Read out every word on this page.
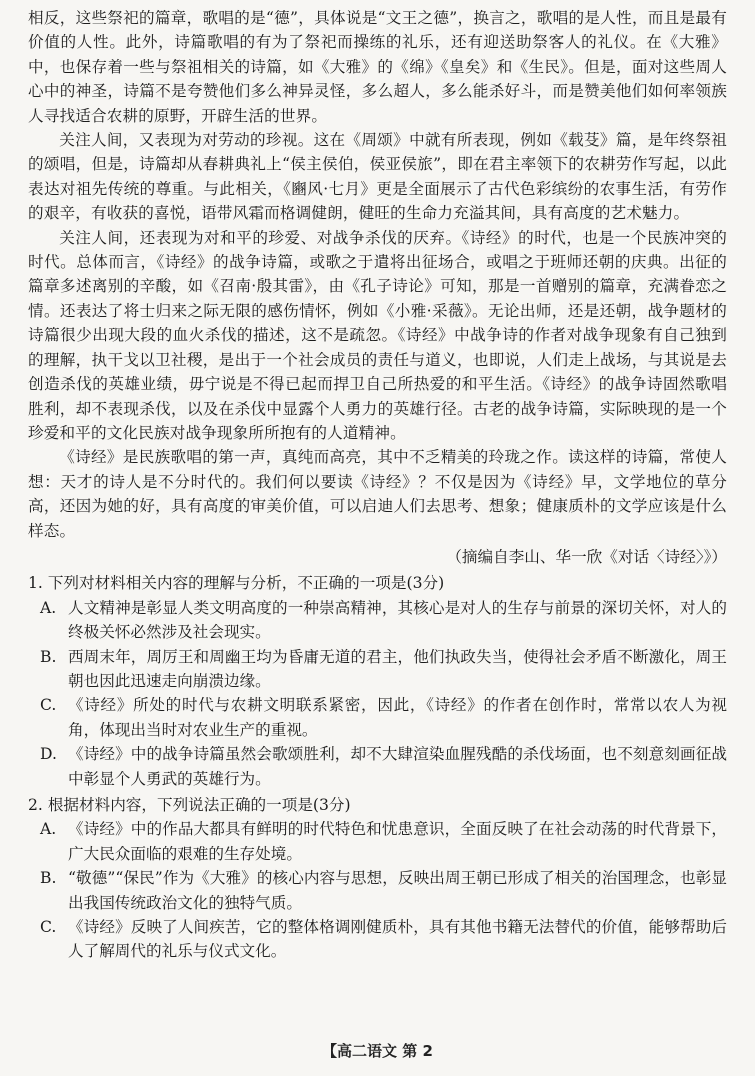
相反，这些祭祀的篇章，歌唱的是“德”，具体说是“文王之德”，换言之，歌唱的是人性，而且是最有价值的人性。此外，诗篇歌唱的有为了祭祀而操练的礼乐，还有迎送助祭客人的礼仪。在《大雅》中，也保存着一些与祭祖相关的诗篇，如《大雅》的《绵》《皇矣》和《生民》。但是，面对这些周人心中的神圣，诗篇不是夸赞他们多么神异灵怪，多么超人，多么能杀好斗，而是赞美他们如何率领族人寻找适合农耕的原野，开辟生活的世界。

关注人间，又表现为对劳动的珍视。这在《周颂》中就有所表现，例如《载芟》篇，是年终祭祖的颂唱，但是，诗篇却从春耕典礼上“侯主侯伯，侯亚侯旅”，即在君主率领下的农耕劳作写起，以此表达对祖先传统的尊重。与此相关，《豳风·七月》更是全面展示了古代色彩缤纷的农事生活，有劳作的艰辛，有收获的喜悦，语带风霜而格调健朗，健旺的生命力充溢其间，具有高度的艺术魅力。

关注人间，还表现为对和平的珍爱、对战争杀伐的厌弃。《诗经》的时代，也是一个民族冲突的时代。总体而言，《诗经》的战争诗篇，或歌之于遣将出征场合，或唱之于班师还朝的庆典。出征的篇章多述离别的辛酸，如《召南·殷其雷》，由《孔子诗论》可知，那是一首赠别的篇章，充满眷恋之情。还表达了将士归来之际无限的感伤情怀，例如《小雅·采薇》。无论出师，还是还朝，战争题材的诗篇很少出现大段的血火杀伐的描述，这不是疏忽。《诗经》中战争诗的作者对战争现象有自己独到的理解，执干戈以卫社稷，是出于一个社会成员的责任与道义，也即说，人们走上战场，与其说是去创造杀伐的英雄业绩，毋宁说是不得已起而捍卫自己所热爱的和平生活。《诗经》的战争诗固然歌唱胜利，却不表现杀伐，以及在杀伐中显露个人勇力的英雄行径。古老的战争诗篇，实际映现的是一个珍爱和平的文化民族对战争现象所所抱有的人道精神。

《诗经》是民族歌唱的第一声，真纯而高亮，其中不乏精美的玲珑之作。读这样的诗篇，常使人想：天才的诗人是不分时代的。我们何以要读《诗经》？不仅是因为《诗经》早，文学地位的草分高，还因为她的好，具有高度的审美价值，可以启迪人们去思考、想象；健康质朴的文学应该是什么样态。

（摘编自李山、华一欣《对话〈诗经〉》）
1. 下列对材料相关内容的理解与分析，不正确的一项是(3分)
A. 人文精神是彰显人类文明高度的一种崇高精神，其核心是对人的生存与前景的深切关怀，对人的终极关怀必然涉及社会现实。
B. 西周末年，周厉王和周幽王均为昏庸无道的君主，他们执政失当，使得社会矛盾不断激化，周王朝也因此迅速走向崩溃边缘。
C. 《诗经》所处的时代与农耕文明联系紧密，因此，《诗经》的作者在创作时，常常以农人为视角，体现出当时对农业生产的重视。
D. 《诗经》中的战争诗篇虽然会歌颂胜利，却不大肆渲染血腥残酷的杀伐场面，也不刻意刻画征战中彰显个人勇武的英雄行为。
2. 根据材料内容，下列说法正确的一项是(3分)
A. 《诗经》中的作品大都具有鲜明的时代特色和忧患意识，全面反映了在社会动荡的时代背景下，广大民众面临的艰难的生存处境。
B. “敬德”“保民”作为《大雅》的核心内容与思想，反映出周王朝已形成了相关的治国理念，也彰显出我国传统政治文化的独特气质。
C. 《诗经》反映了人间疾苦，它的整体格调刚健质朴，具有其他书籍无法替代的价值，能够帮助后人了解周代的礼乐与仪式文化。
【高二语文 第 2
